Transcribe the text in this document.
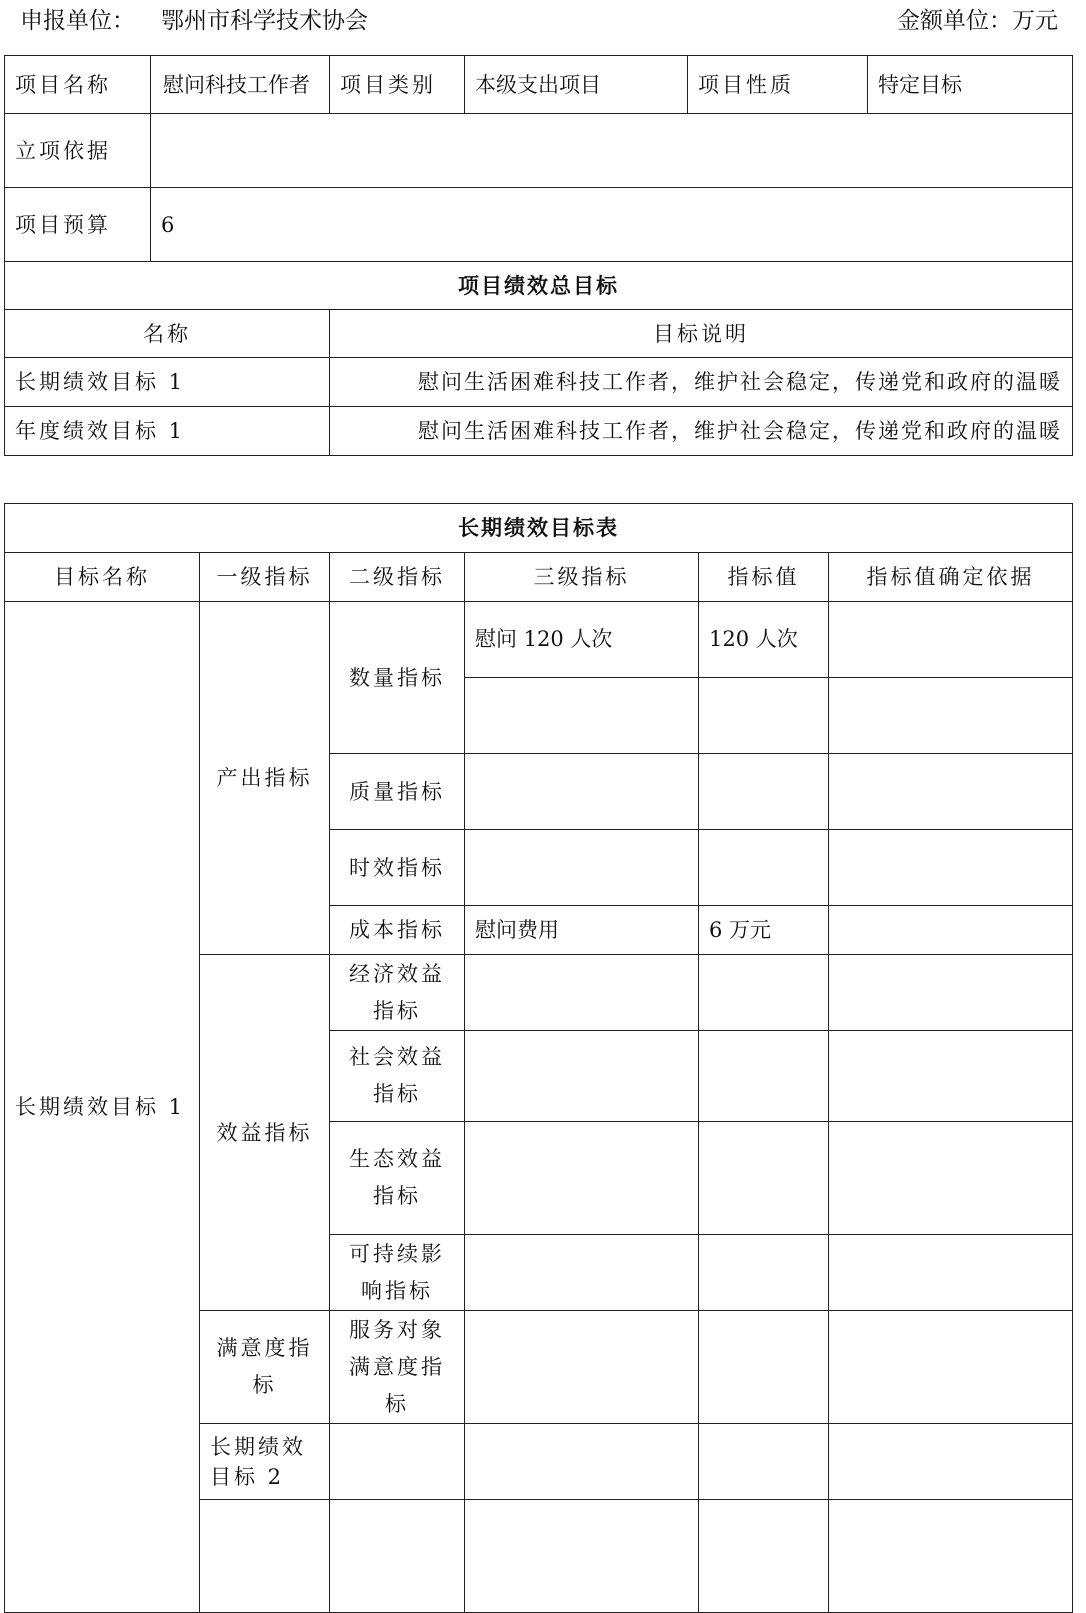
申报单位： 鄂州市科学技术协会	金额单位：万元
项目名称	慰问科技工作者	项目类别	本级支出项目	项目性质	特定目标
立项依据					
项目预算	6				
项目绩效总目标					
名称		目标说明			
长期绩效目标 1		慰问生活困难科技工作者，维护社会稳定，传递党和政府的温暖			
年度绩效目标 1		慰问生活困难科技工作者，维护社会稳定，传递党和政府的温暖			
长期绩效目标表						
目标名称	一级指标	二级指标	三级指标	指标值	指标值确定依据	
长期绩效目标 1	产出指标	数量指标	慰问 120 人次	120 人次		

		质量指标				
		时效指标				
		成本指标	慰问费用	6 万元		
	效益指标	经济效益指标				
		社会效益指标				
		生态效益指标				
		可持续影响指标				
	满意度指标	服务对象满意度指标				
	长期绩效目标 2					
